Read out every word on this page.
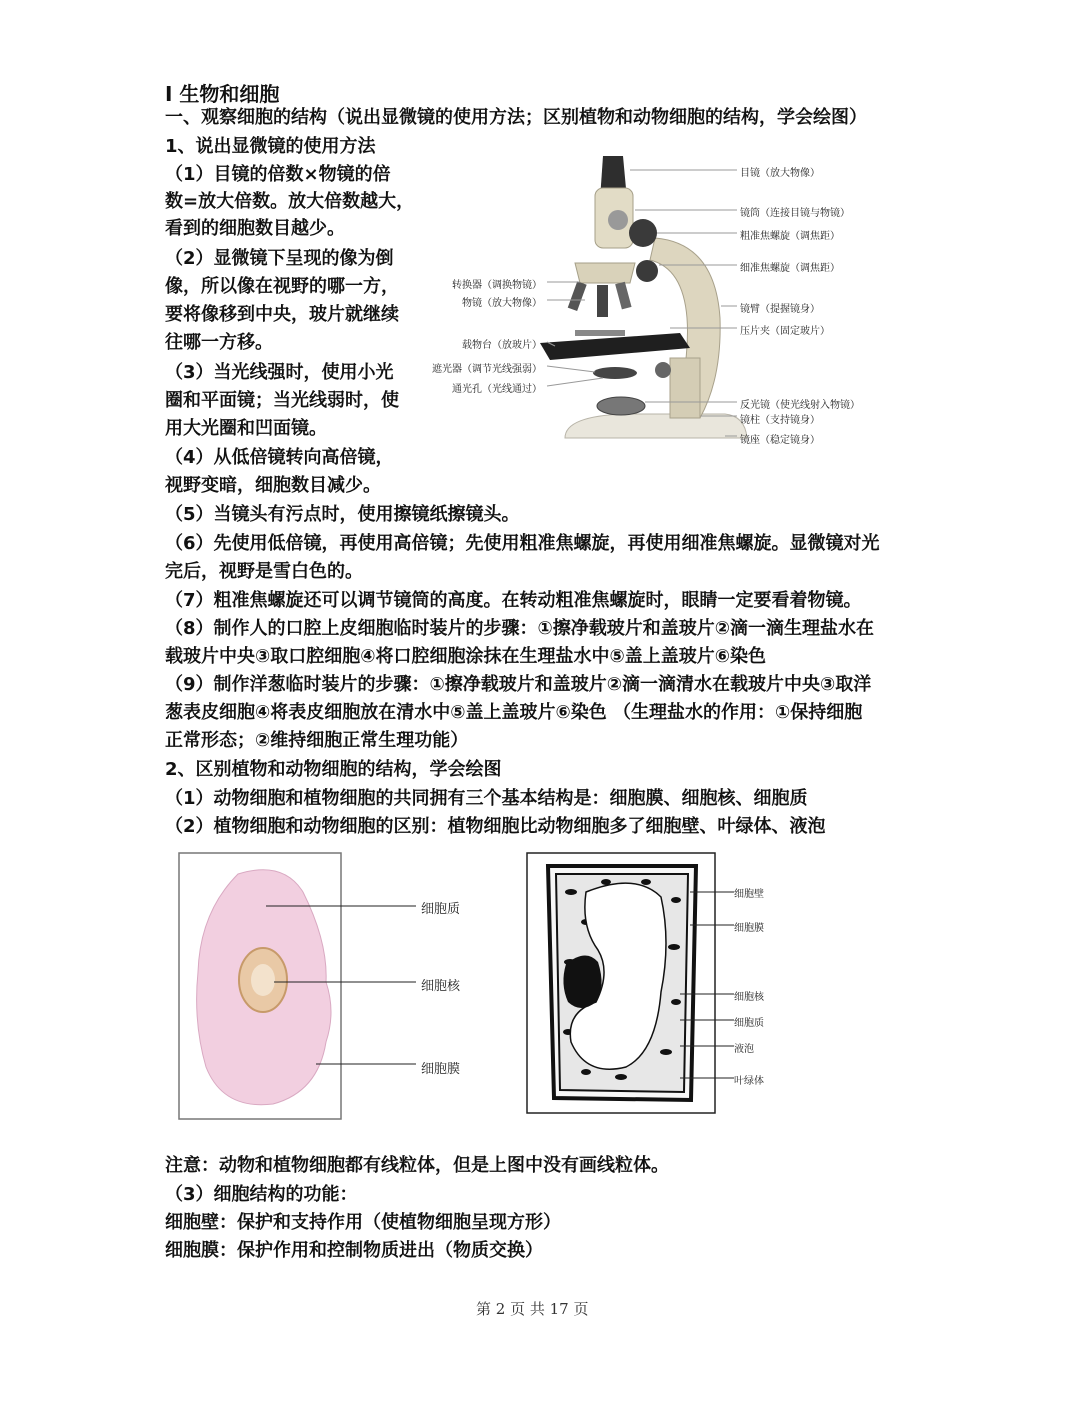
Ⅰ 生物和细胞
一、观察细胞的结构（说出显微镜的使用方法；区别植物和动物细胞的结构，学会绘图）
1、说出显微镜的使用方法
（1）目镜的倍数×物镜的倍
数=放大倍数。放大倍数越大，
看到的细胞数目越少。
（2）显微镜下呈现的像为倒
像，所以像在视野的哪一方，
要将像移到中央，玻片就继续
往哪一方移。
（3）当光线强时，使用小光
圈和平面镜；当光线弱时，使
用大光圈和凹面镜。
（4）从低倍镜转向高倍镜，
视野变暗，细胞数目减少。
目镜（放大物像）
镜筒（连接目镜与物镜）
粗准焦螺旋（调焦距）
细准焦螺旋（调焦距）
镜臂（提握镜身）
压片夹（固定玻片）
反光镜（使光线射入物镜）
镜柱（支持镜身）
镜座（稳定镜身）
转换器（调换物镜）
物镜（放大物像）
载物台（放玻片）
遮光器（调节光线强弱）
通光孔（光线通过）
（5）当镜头有污点时，使用擦镜纸擦镜头。
（6）先使用低倍镜，再使用高倍镜；先使用粗准焦螺旋，再使用细准焦螺旋。显微镜对光
完后，视野是雪白色的。
（7）粗准焦螺旋还可以调节镜筒的高度。在转动粗准焦螺旋时，眼睛一定要看着物镜。
（8）制作人的口腔上皮细胞临时装片的步骤：①擦净载玻片和盖玻片②滴一滴生理盐水在
载玻片中央③取口腔细胞④将口腔细胞涂抹在生理盐水中⑤盖上盖玻片⑥染色
（9）制作洋葱临时装片的步骤：①擦净载玻片和盖玻片②滴一滴清水在载玻片中央③取洋
葱表皮细胞④将表皮细胞放在清水中⑤盖上盖玻片⑥染色 （生理盐水的作用：①保持细胞
正常形态；②维持细胞正常生理功能）
2、区别植物和动物细胞的结构，学会绘图
（1）动物细胞和植物细胞的共同拥有三个基本结构是：细胞膜、细胞核、细胞质
（2）植物细胞和动物细胞的区别：植物细胞比动物细胞多了细胞壁、叶绿体、液泡
细胞质
细胞核
细胞膜
细胞壁
细胞膜
细胞核
细胞质
液泡
叶绿体
注意：动物和植物细胞都有线粒体，但是上图中没有画线粒体。
（3）细胞结构的功能：
细胞壁：保护和支持作用（使植物细胞呈现方形）
细胞膜：保护作用和控制物质进出（物质交换）
第 2 页 共 17 页
